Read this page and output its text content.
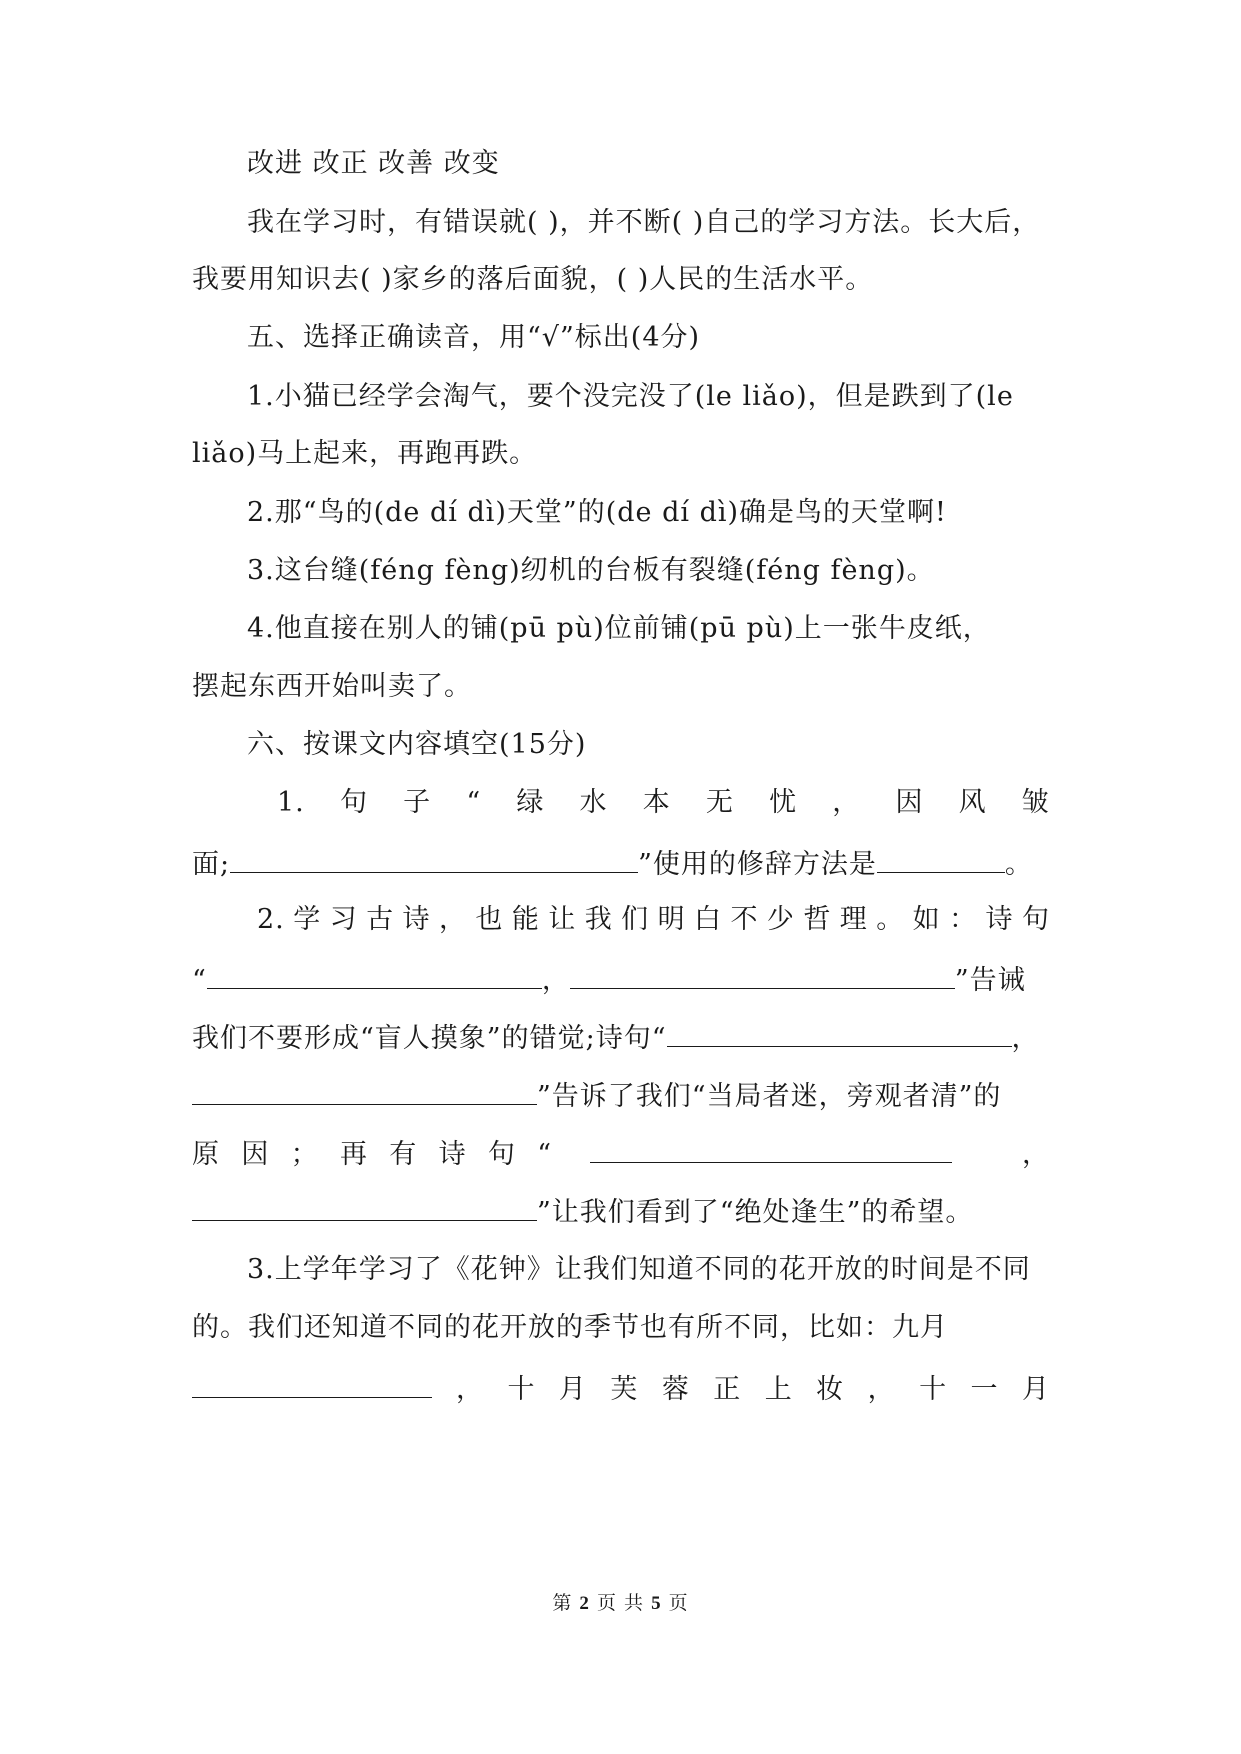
改进 改正 改善 改变
我在学习时，有错误就( )，并不断( )自己的学习方法。长大后，
我要用知识去( )家乡的落后面貌，( )人民的生活水平。
五、选择正确读音，用“√”标出(4分)
1.小猫已经学会淘气，要个没完没了(le liǎo)，但是跌到了(le
liǎo)马上起来，再跑再跌。
2.那“鸟的(de dí dì)天堂”的(de dí dì)确是鸟的天堂啊!
3.这台缝(féng fèng)纫机的台板有裂缝(féng fèng)。
4.他直接在别人的铺(pū pù)位前铺(pū pù)上一张牛皮纸，
摆起东西开始叫卖了。
六、按课文内容填空(15分)
1. 句 子 “ 绿 水 本 无 忧 ， 因 风 皱
面;	”使用的修辞方法是	。
2. 学 习 古 诗 ， 也 能 让 我 们 明 白 不 少 哲 理 。 如 ： 诗 句
“	，	”告诫
我们不要形成“盲人摸象”的错觉;诗句“	，
”告诉了我们“当局者迷，旁观者清”的
原 因 ； 再 有 诗 句 “	，
”让我们看到了“绝处逢生”的希望。
3.上学年学习了《花钟》让我们知道不同的花开放的时间是不同
的。我们还知道不同的花开放的季节也有所不同，比如：九月
， 十 月 芙 蓉 正 上 妆 ， 十 一 月
第 2 页 共 5 页
